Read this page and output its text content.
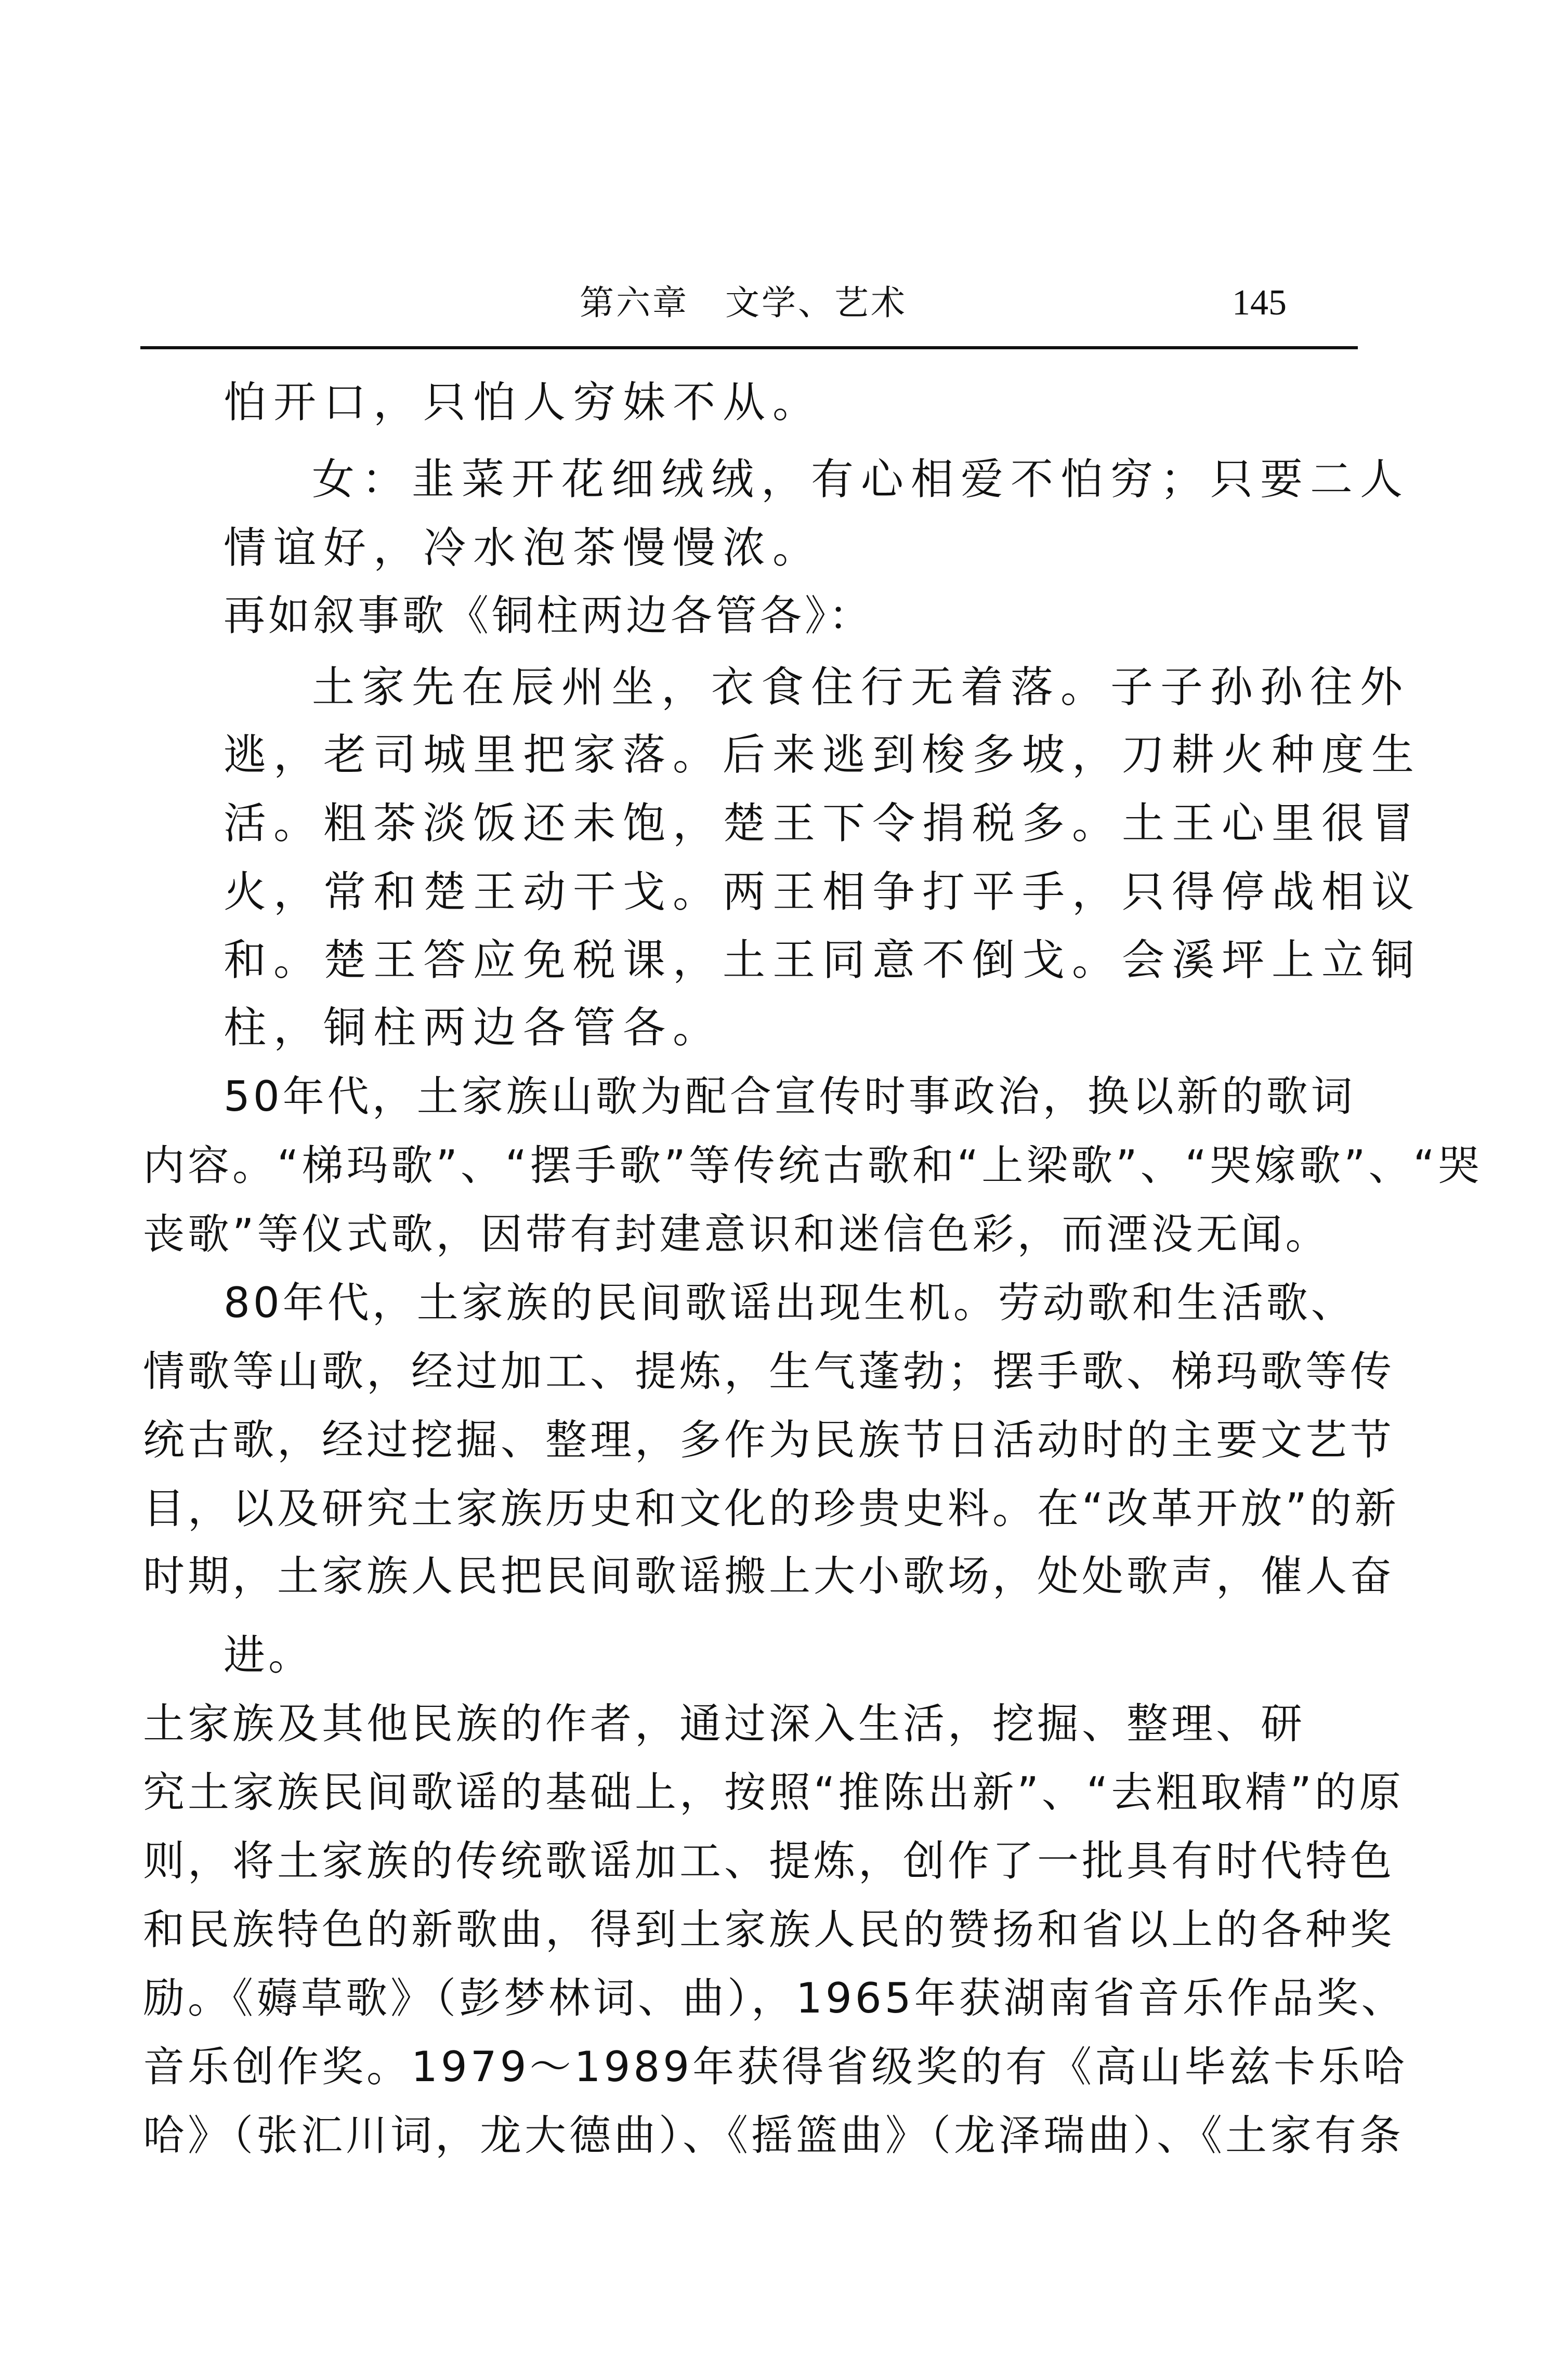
第六章　文学、艺术	145
怕开口，只怕人穷妹不从。
女：韭菜开花细绒绒，有心相爱不怕穷；只要二人
情谊好，冷水泡茶慢慢浓。
再如叙事歌《铜柱两边各管各》：
土家先在辰州坐，衣食住行无着落。子子孙孙往外
逃，老司城里把家落。后来逃到梭多坡，刀耕火种度生
活。粗茶淡饭还未饱，楚王下令捐税多。土王心里很冒
火，常和楚王动干戈。两王相争打平手，只得停战相议
和。楚王答应免税课，土王同意不倒戈。会溪坪上立铜
柱，铜柱两边各管各。
50年代，土家族山歌为配合宣传时事政治，换以新的歌词
内容。“梯玛歌”、“摆手歌”等传统古歌和“上梁歌”、“哭嫁歌”、“哭
丧歌”等仪式歌，因带有封建意识和迷信色彩，而湮没无闻。
80年代，土家族的民间歌谣出现生机。劳动歌和生活歌、
情歌等山歌，经过加工、提炼，生气蓬勃；摆手歌、梯玛歌等传
统古歌，经过挖掘、整理，多作为民族节日活动时的主要文艺节
目，以及研究土家族历史和文化的珍贵史料。在“改革开放”的新
时期，土家族人民把民间歌谣搬上大小歌场，处处歌声，催人奋
进。
土家族及其他民族的作者，通过深入生活，挖掘、整理、研
究土家族民间歌谣的基础上，按照“推陈出新”、“去粗取精”的原
则，将土家族的传统歌谣加工、提炼，创作了一批具有时代特色
和民族特色的新歌曲，得到土家族人民的赞扬和省以上的各种奖
励。《薅草歌》（彭梦林词、曲），1965年获湖南省音乐作品奖、
音乐创作奖。1979～1989年获得省级奖的有《高山毕兹卡乐哈
哈》（张汇川词，龙大德曲）、《摇篮曲》（龙泽瑞曲）、《土家有条
